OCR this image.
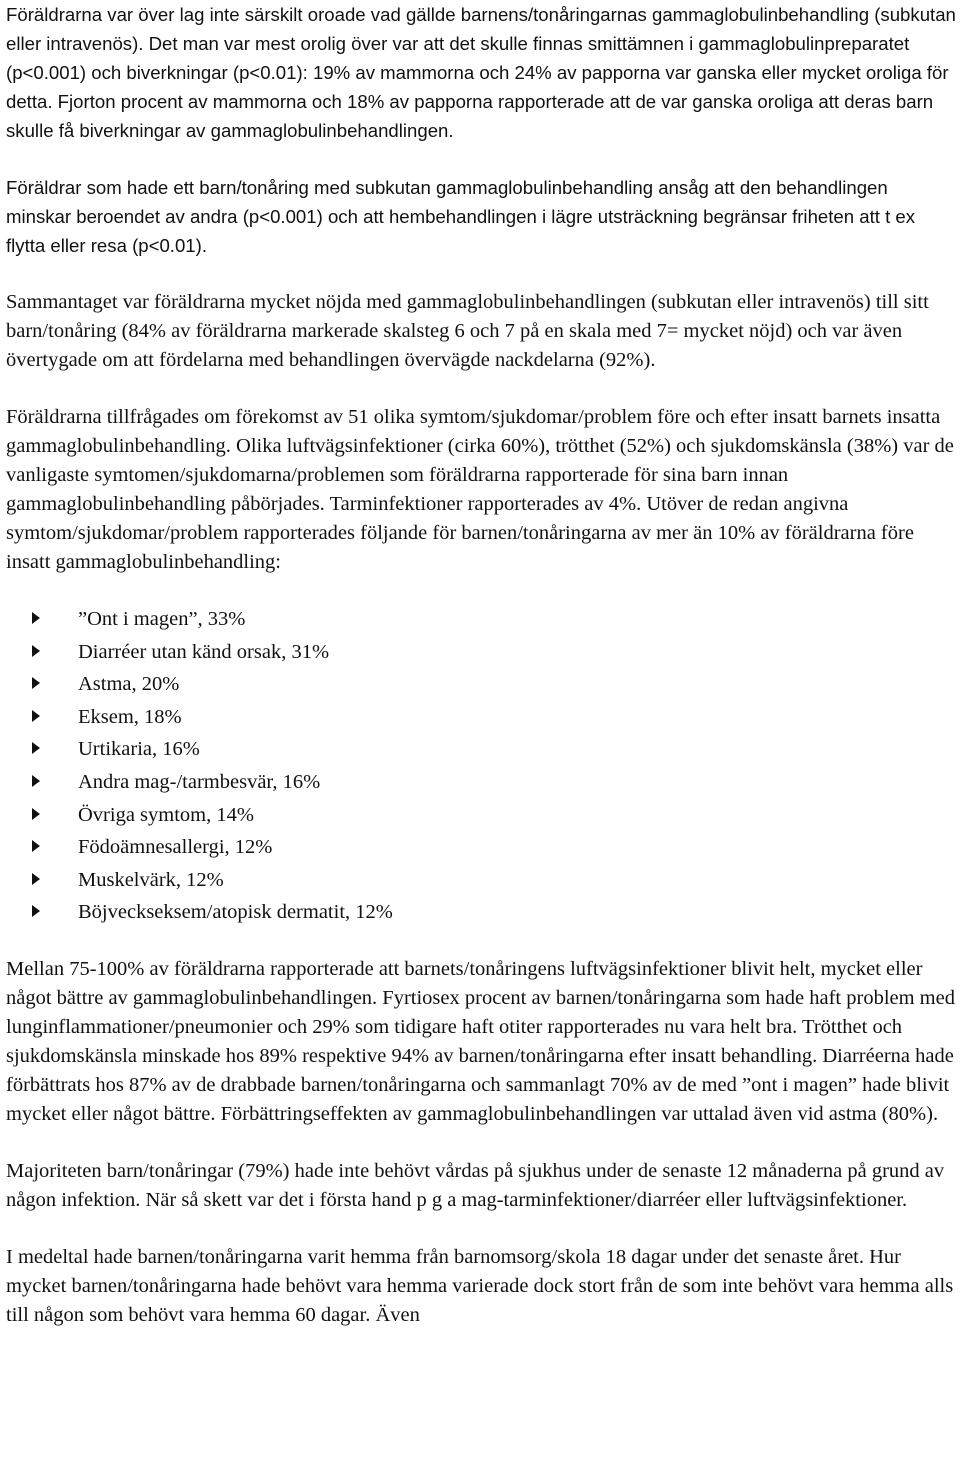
Föräldrarna var över lag inte särskilt oroade vad gällde barnens/tonåringarnas gammaglobulinbehandling (subkutan eller intravenös). Det man var mest orolig över var att det skulle finnas smittämnen i gammaglobulinpreparatet (p<0.001) och biverkningar (p<0.01): 19% av mammorna och 24% av papporna var ganska eller mycket oroliga för detta. Fjorton procent av mammorna och 18% av papporna rapporterade att de var ganska oroliga att deras barn skulle få biverkningar av gammaglobulinbehandlingen.

Föräldrar som hade ett barn/tonåring med subkutan gammaglobulinbehandling ansåg att den behandlingen minskar beroendet av andra (p<0.001) och att hembehandlingen i lägre utsträckning begränsar friheten att t ex flytta eller resa (p<0.01).

Sammantaget var föräldrarna mycket nöjda med gammaglobulinbehandlingen (subkutan eller intravenös) till sitt barn/tonåring (84% av föräldrarna markerade skalsteg 6 och 7 på en skala med 7= mycket nöjd) och var även övertygade om att fördelarna med behandlingen övervägde nackdelarna (92%).

Föräldrarna tillfrågades om förekomst av 51 olika symtom/sjukdomar/problem före och efter insatt barnets insatta gammaglobulinbehandling. Olika luftvägsinfektioner (cirka 60%), trötthet (52%) och sjukdomskänsla (38%) var de vanligaste symtomen/sjukdomarna/problemen som föräldrarna rapporterade för sina barn innan gammaglobulinbehandling påbörjades. Tarminfektioner rapporterades av 4%. Utöver de redan angivna symtom/sjukdomar/problem rapporterades följande för barnen/tonåringarna av mer än 10% av föräldrarna före insatt gammaglobulinbehandling:

”Ont i magen”, 33%
Diarréer utan känd orsak, 31%
Astma, 20%
Eksem, 18%
Urtikaria, 16%
Andra mag-/tarmbesvär, 16%
Övriga symtom, 14%
Födoämnesallergi, 12%
Muskelvärk, 12%
Böjveckseksem/atopisk dermatit, 12%

Mellan 75-100% av föräldrarna rapporterade att barnets/tonåringens luftvägsinfektioner blivit helt, mycket eller något bättre av gammaglobulinbehandlingen. Fyrtiosex procent av barnen/tonåringarna som hade haft problem med lunginflammationer/pneumonier och 29% som tidigare haft otiter rapporterades nu vara helt bra. Trötthet och sjukdomskänsla minskade hos 89% respektive 94% av barnen/tonåringarna efter insatt behandling. Diarréerna hade förbättrats hos 87% av de drabbade barnen/tonåringarna och sammanlagt 70% av de med ”ont i magen” hade blivit mycket eller något bättre. Förbättringseffekten av gammaglobulinbehandlingen var uttalad även vid astma (80%).

Majoriteten barn/tonåringar (79%) hade inte behövt vårdas på sjukhus under de senaste 12 månaderna på grund av någon infektion. När så skett var det i första hand p g a mag-tarminfektioner/diarréer eller luftvägsinfektioner.

I medeltal hade barnen/tonåringarna varit hemma från barnomsorg/skola 18 dagar under det senaste året. Hur mycket barnen/tonåringarna hade behövt vara hemma varierade dock stort från de som inte behövt vara hemma alls till någon som behövt vara hemma 60 dagar. Även
